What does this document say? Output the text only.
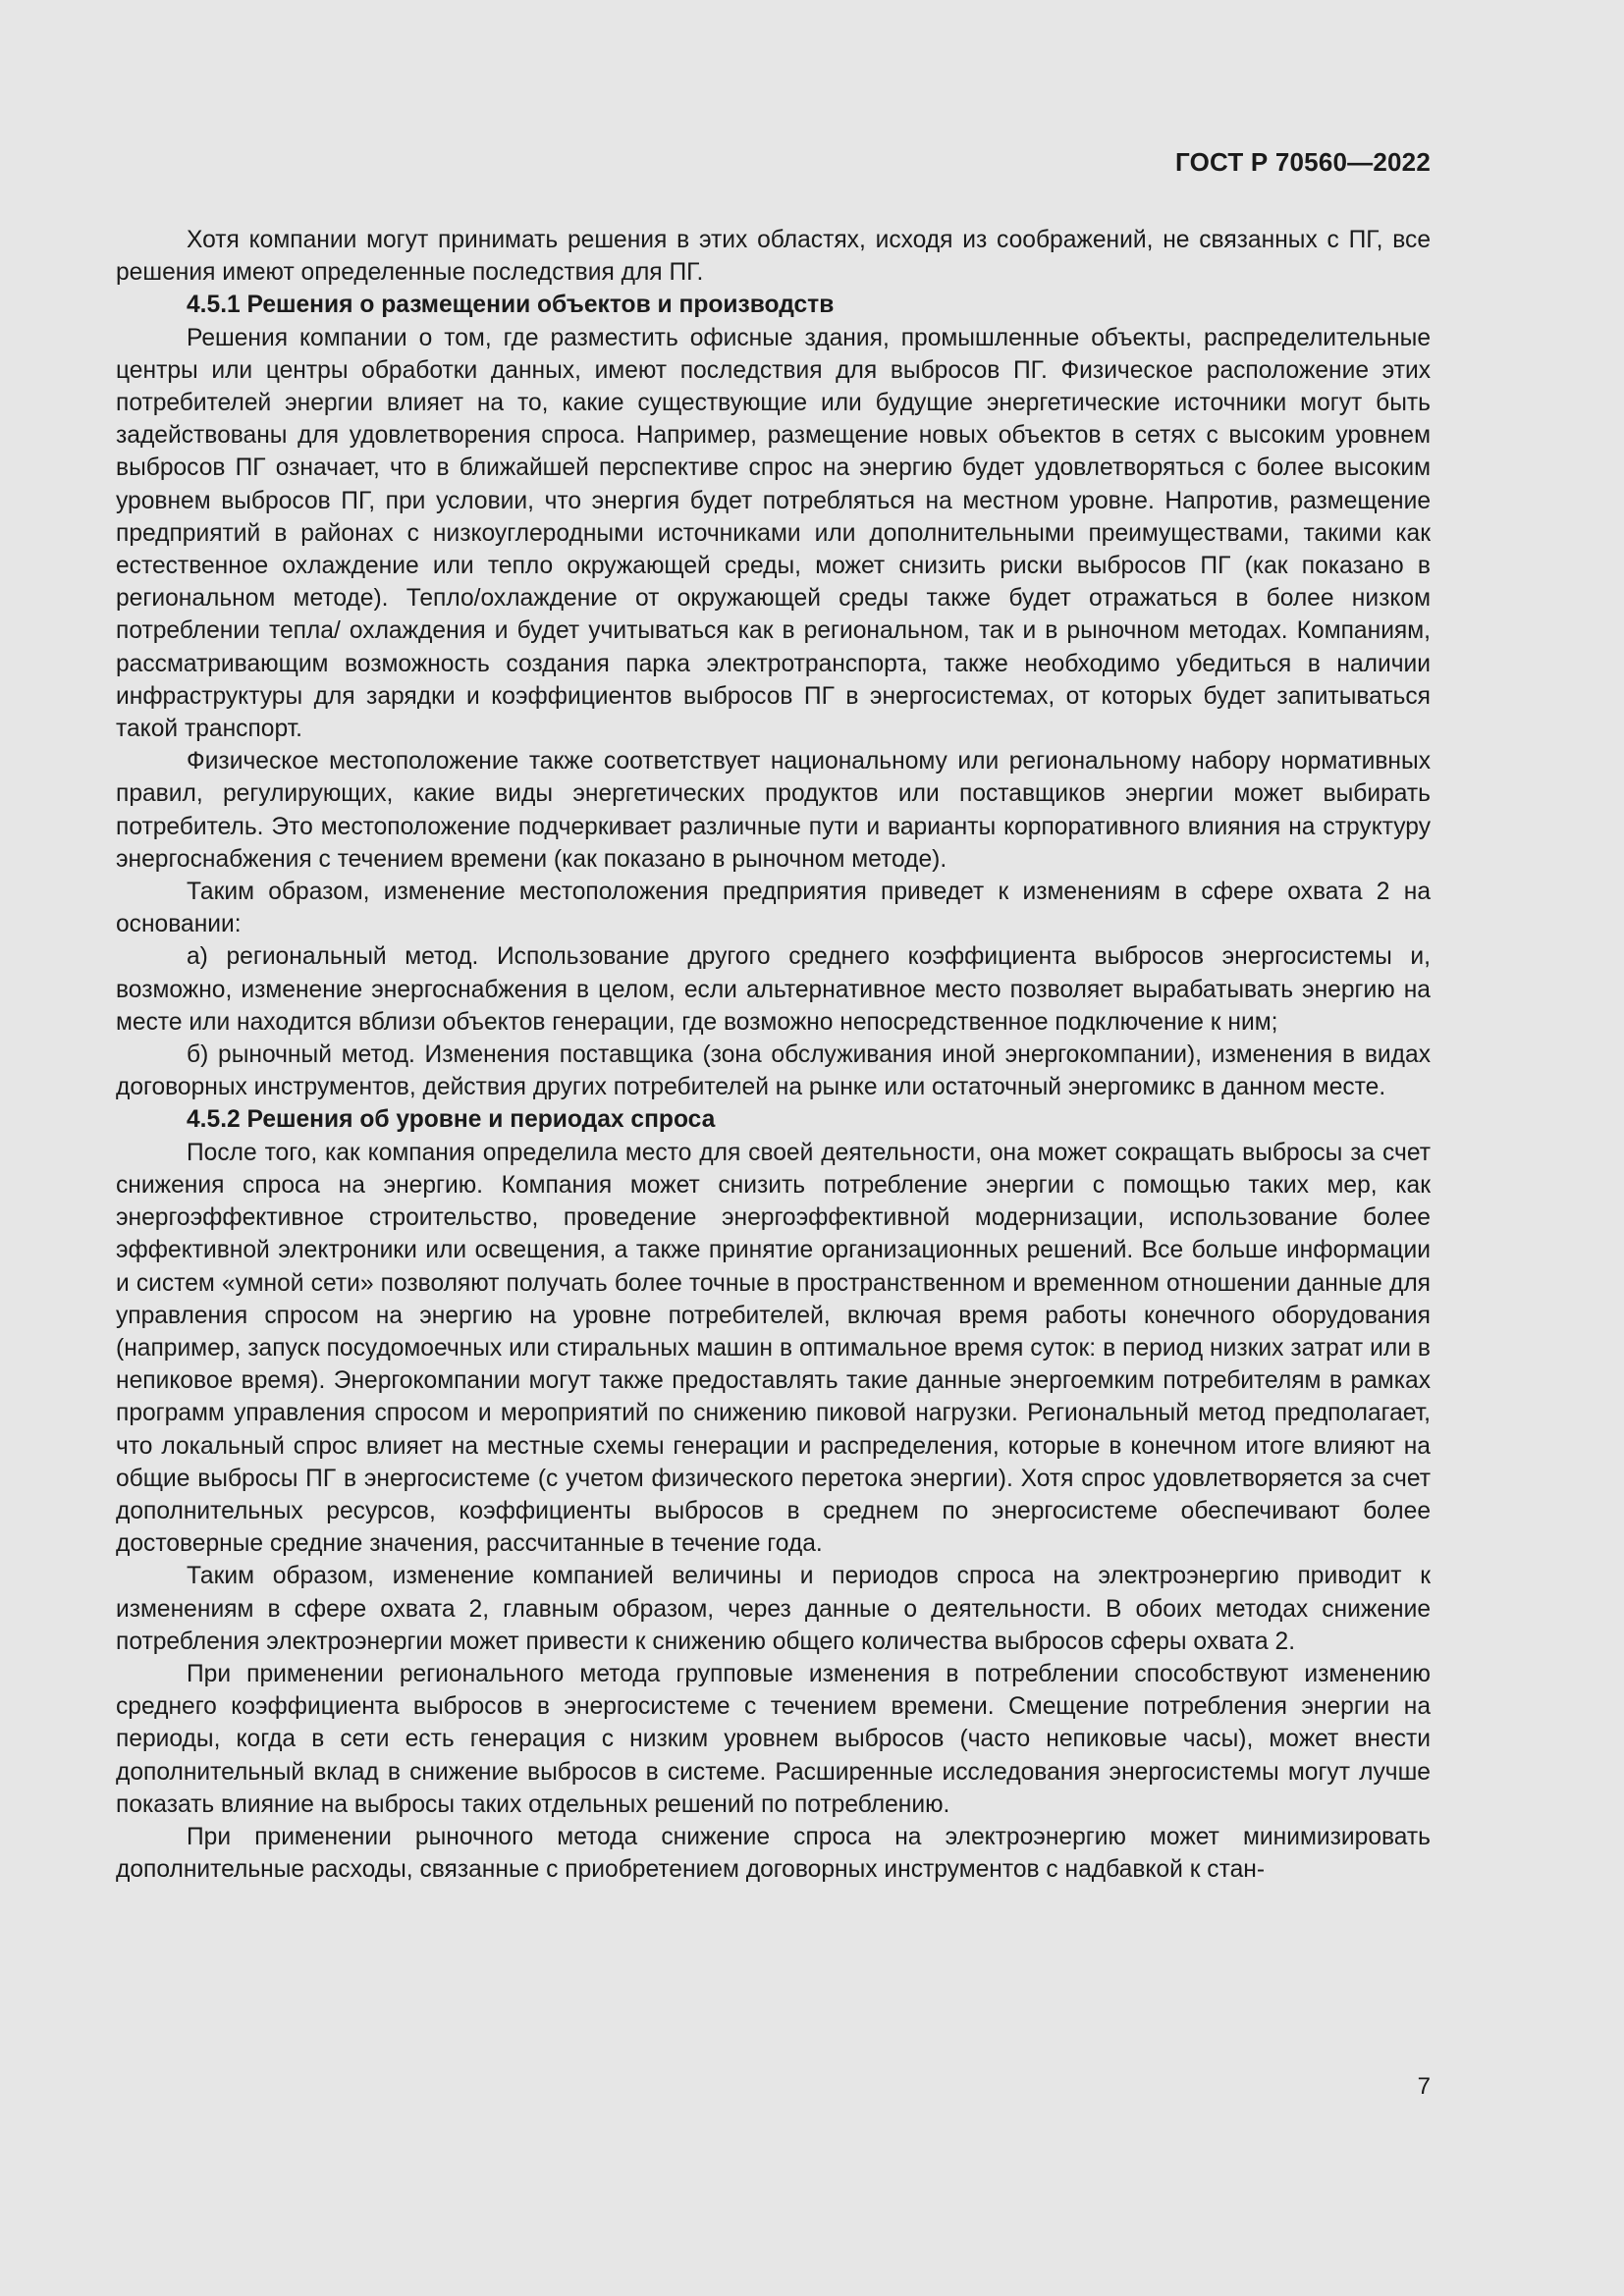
ГОСТ Р 70560—2022

Хотя компании могут принимать решения в этих областях, исходя из соображений, не связанных с ПГ, все решения имеют определенные последствия для ПГ.

4.5.1 Решения о размещении объектов и производств

Решения компании о том, где разместить офисные здания, промышленные объекты, распределительные центры или центры обработки данных, имеют последствия для выбросов ПГ. Физическое расположение этих потребителей энергии влияет на то, какие существующие или будущие энергетические источники могут быть задействованы для удовлетворения спроса. Например, размещение новых объектов в сетях с высоким уровнем выбросов ПГ означает, что в ближайшей перспективе спрос на энергию будет удовлетворяться с более высоким уровнем выбросов ПГ, при условии, что энергия будет потребляться на местном уровне. Напротив, размещение предприятий в районах с низкоуглеродными источниками или дополнительными преимуществами, такими как естественное охлаждение или тепло окружающей среды, может снизить риски выбросов ПГ (как показано в региональном методе). Тепло/охлаждение от окружающей среды также будет отражаться в более низком потреблении тепла/ охлаждения и будет учитываться как в региональном, так и в рыночном методах. Компаниям, рассматривающим возможность создания парка электротранспорта, также необходимо убедиться в наличии инфраструктуры для зарядки и коэффициентов выбросов ПГ в энергосистемах, от которых будет запитываться такой транспорт.

Физическое местоположение также соответствует национальному или региональному набору нормативных правил, регулирующих, какие виды энергетических продуктов или поставщиков энергии может выбирать потребитель. Это местоположение подчеркивает различные пути и варианты корпоративного влияния на структуру энергоснабжения с течением времени (как показано в рыночном методе).

Таким образом, изменение местоположения предприятия приведет к изменениям в сфере охвата 2 на основании:

а) региональный метод. Использование другого среднего коэффициента выбросов энергосистемы и, возможно, изменение энергоснабжения в целом, если альтернативное место позволяет вырабатывать энергию на месте или находится вблизи объектов генерации, где возможно непосредственное подключение к ним;

б) рыночный метод. Изменения поставщика (зона обслуживания иной энергокомпании), изменения в видах договорных инструментов, действия других потребителей на рынке или остаточный энергомикс в данном месте.

4.5.2 Решения об уровне и периодах спроса

После того, как компания определила место для своей деятельности, она может сокращать выбросы за счет снижения спроса на энергию. Компания может снизить потребление энергии с помощью таких мер, как энергоэффективное строительство, проведение энергоэффективной модернизации, использование более эффективной электроники или освещения, а также принятие организационных решений. Все больше информации и систем «умной сети» позволяют получать более точные в пространственном и временном отношении данные для управления спросом на энергию на уровне потребителей, включая время работы конечного оборудования (например, запуск посудомоечных или стиральных машин в оптимальное время суток: в период низких затрат или в непиковое время). Энергокомпании могут также предоставлять такие данные энергоемким потребителям в рамках программ управления спросом и мероприятий по снижению пиковой нагрузки. Региональный метод предполагает, что локальный спрос влияет на местные схемы генерации и распределения, которые в конечном итоге влияют на общие выбросы ПГ в энергосистеме (с учетом физического перетока энергии). Хотя спрос удовлетворяется за счет дополнительных ресурсов, коэффициенты выбросов в среднем по энергосистеме обеспечивают более достоверные средние значения, рассчитанные в течение года.

Таким образом, изменение компанией величины и периодов спроса на электроэнергию приводит к изменениям в сфере охвата 2, главным образом, через данные о деятельности. В обоих методах снижение потребления электроэнергии может привести к снижению общего количества выбросов сферы охвата 2.

При применении регионального метода групповые изменения в потреблении способствуют изменению среднего коэффициента выбросов в энергосистеме с течением времени. Смещение потребления энергии на периоды, когда в сети есть генерация с низким уровнем выбросов (часто непиковые часы), может внести дополнительный вклад в снижение выбросов в системе. Расширенные исследования энергосистемы могут лучше показать влияние на выбросы таких отдельных решений по потреблению.

При применении рыночного метода снижение спроса на электроэнергию может минимизировать дополнительные расходы, связанные с приобретением договорных инструментов с надбавкой к стан-

7
